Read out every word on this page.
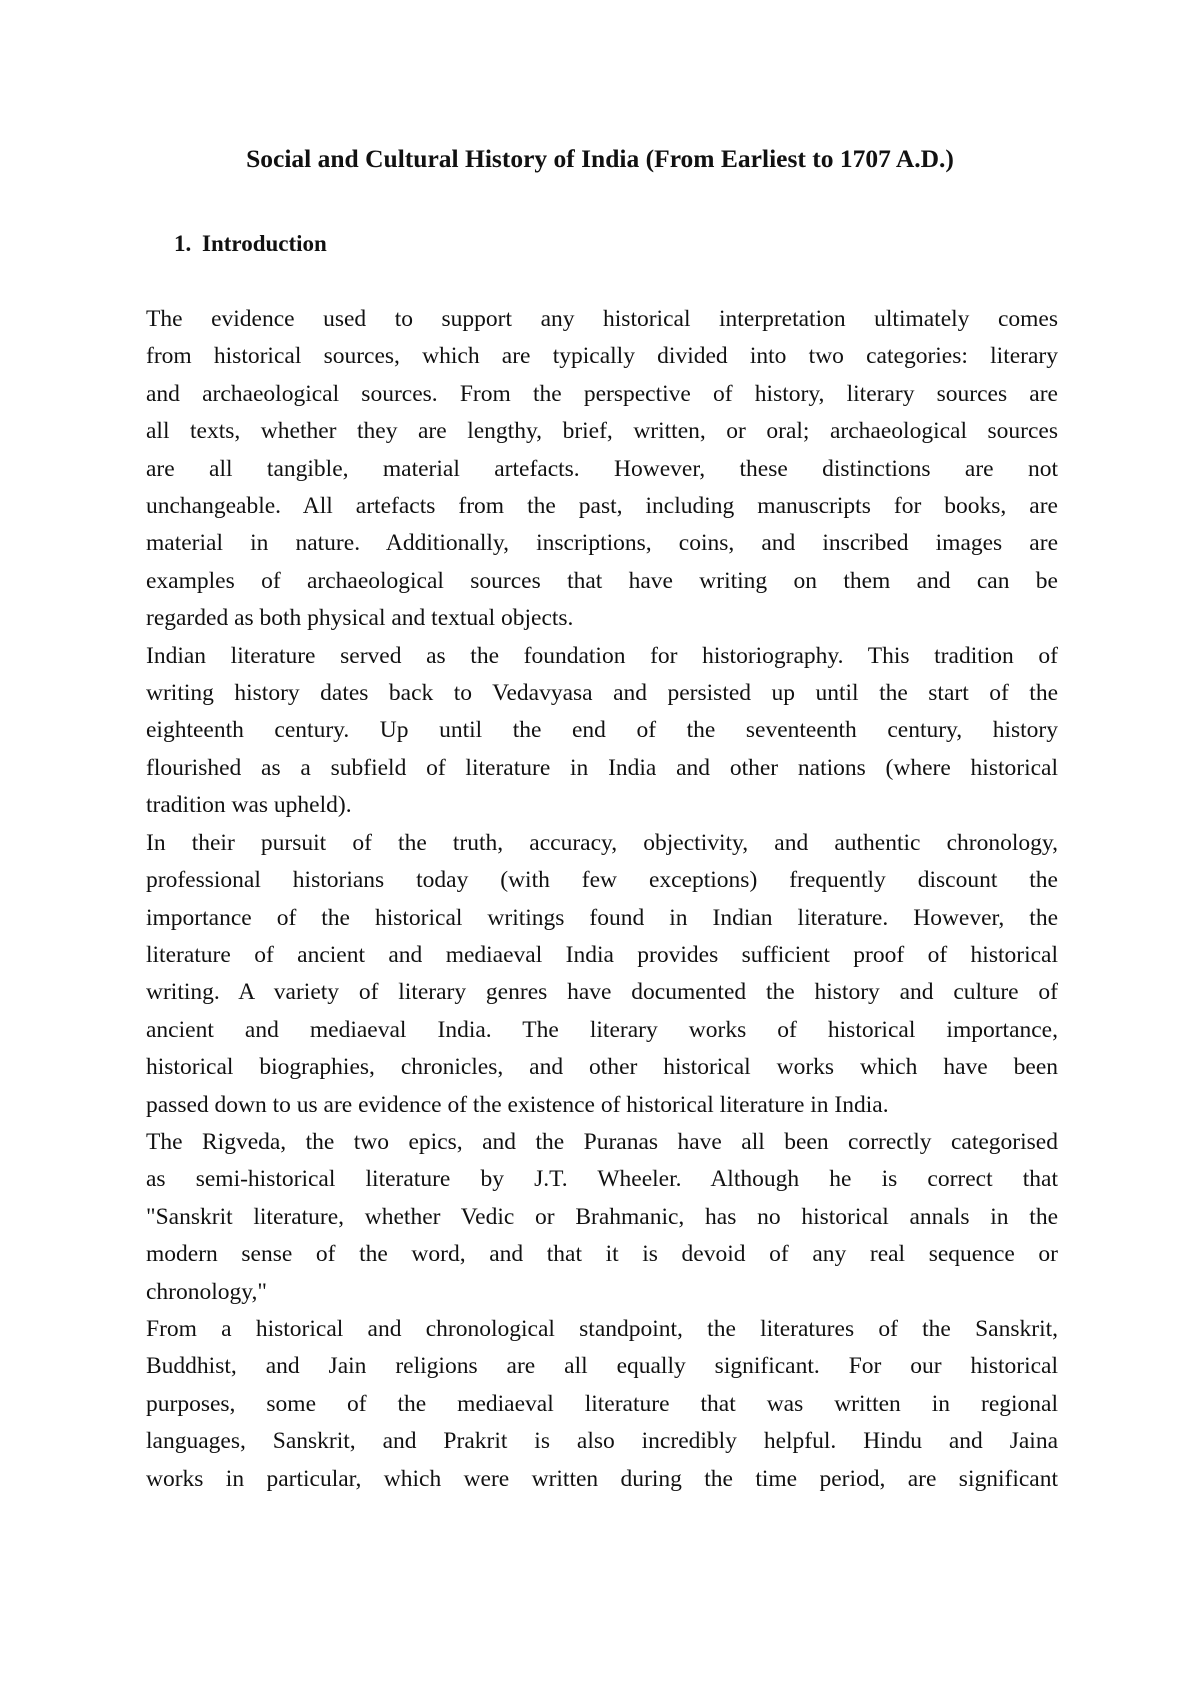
Social and Cultural History of India (From Earliest to 1707 A.D.)
1. Introduction

The evidence used to support any historical interpretation ultimately comes
from historical sources, which are typically divided into two categories: literary
and archaeological sources. From the perspective of history, literary sources are
all texts, whether they are lengthy, brief, written, or oral; archaeological sources
are all tangible, material artefacts. However, these distinctions are not
unchangeable. All artefacts from the past, including manuscripts for books, are
material in nature. Additionally, inscriptions, coins, and inscribed images are
examples of archaeological sources that have writing on them and can be
regarded as both physical and textual objects.

Indian literature served as the foundation for historiography. This tradition of
writing history dates back to Vedavyasa and persisted up until the start of the
eighteenth century. Up until the end of the seventeenth century, history
flourished as a subfield of literature in India and other nations (where historical
tradition was upheld).

In their pursuit of the truth, accuracy, objectivity, and authentic chronology,
professional historians today (with few exceptions) frequently discount the
importance of the historical writings found in Indian literature. However, the
literature of ancient and mediaeval India provides sufficient proof of historical
writing. A variety of literary genres have documented the history and culture of
ancient and mediaeval India. The literary works of historical importance,
historical biographies, chronicles, and other historical works which have been
passed down to us are evidence of the existence of historical literature in India.

The Rigveda, the two epics, and the Puranas have all been correctly categorised
as semi-historical literature by J.T. Wheeler. Although he is correct that
"Sanskrit literature, whether Vedic or Brahmanic, has no historical annals in the
modern sense of the word, and that it is devoid of any real sequence or
chronology,"

From a historical and chronological standpoint, the literatures of the Sanskrit,
Buddhist, and Jain religions are all equally significant. For our historical
purposes, some of the mediaeval literature that was written in regional
languages, Sanskrit, and Prakrit is also incredibly helpful. Hindu and Jaina
works in particular, which were written during the time period, are significant
